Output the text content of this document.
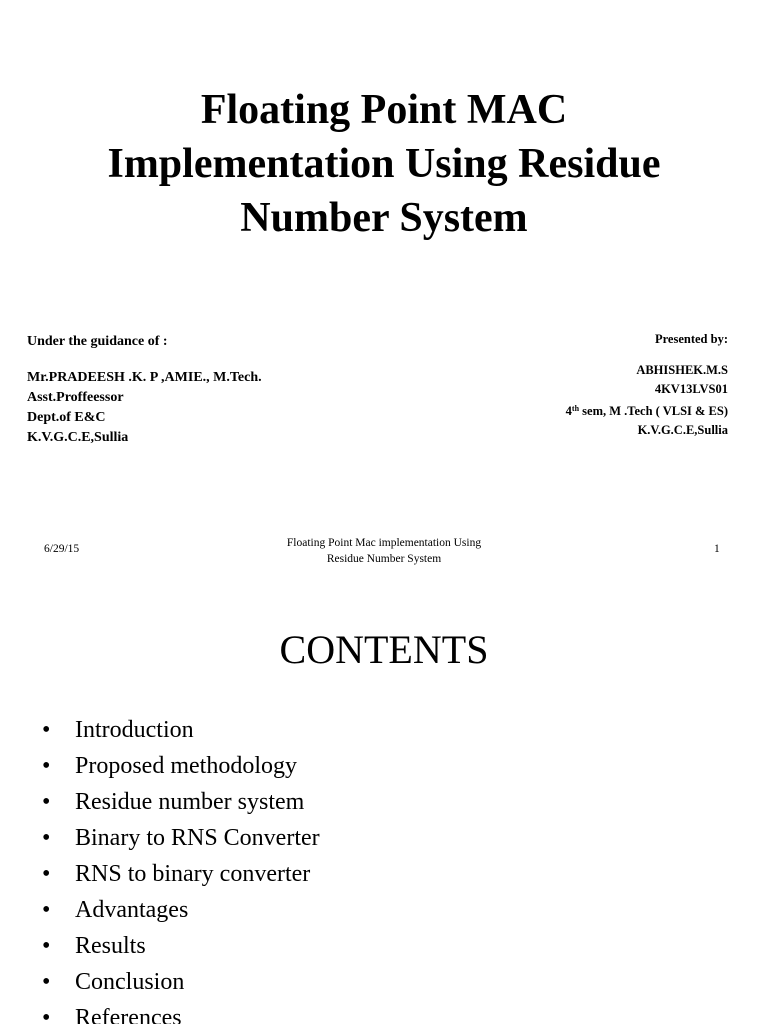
Floating Point MAC
Implementation Using Residue
Number System
Under the guidance of :
Mr.PRADEESH .K. P ,AMIE., M.Tech.
Asst.Proffeessor
Dept.of E&C
K.V.G.C.E,Sullia
Presented by:
ABHISHEK.M.S
4KV13LVS01
4th sem, M .Tech ( VLSI & ES)
K.V.G.C.E,Sullia
6/29/15	Floating Point Mac implementation Using
Residue Number System
1
CONTENTS
• Introduction
• Proposed methodology
• Residue number system
• Binary to RNS Converter
• RNS to binary converter
• Advantages
• Results
• Conclusion
• References
